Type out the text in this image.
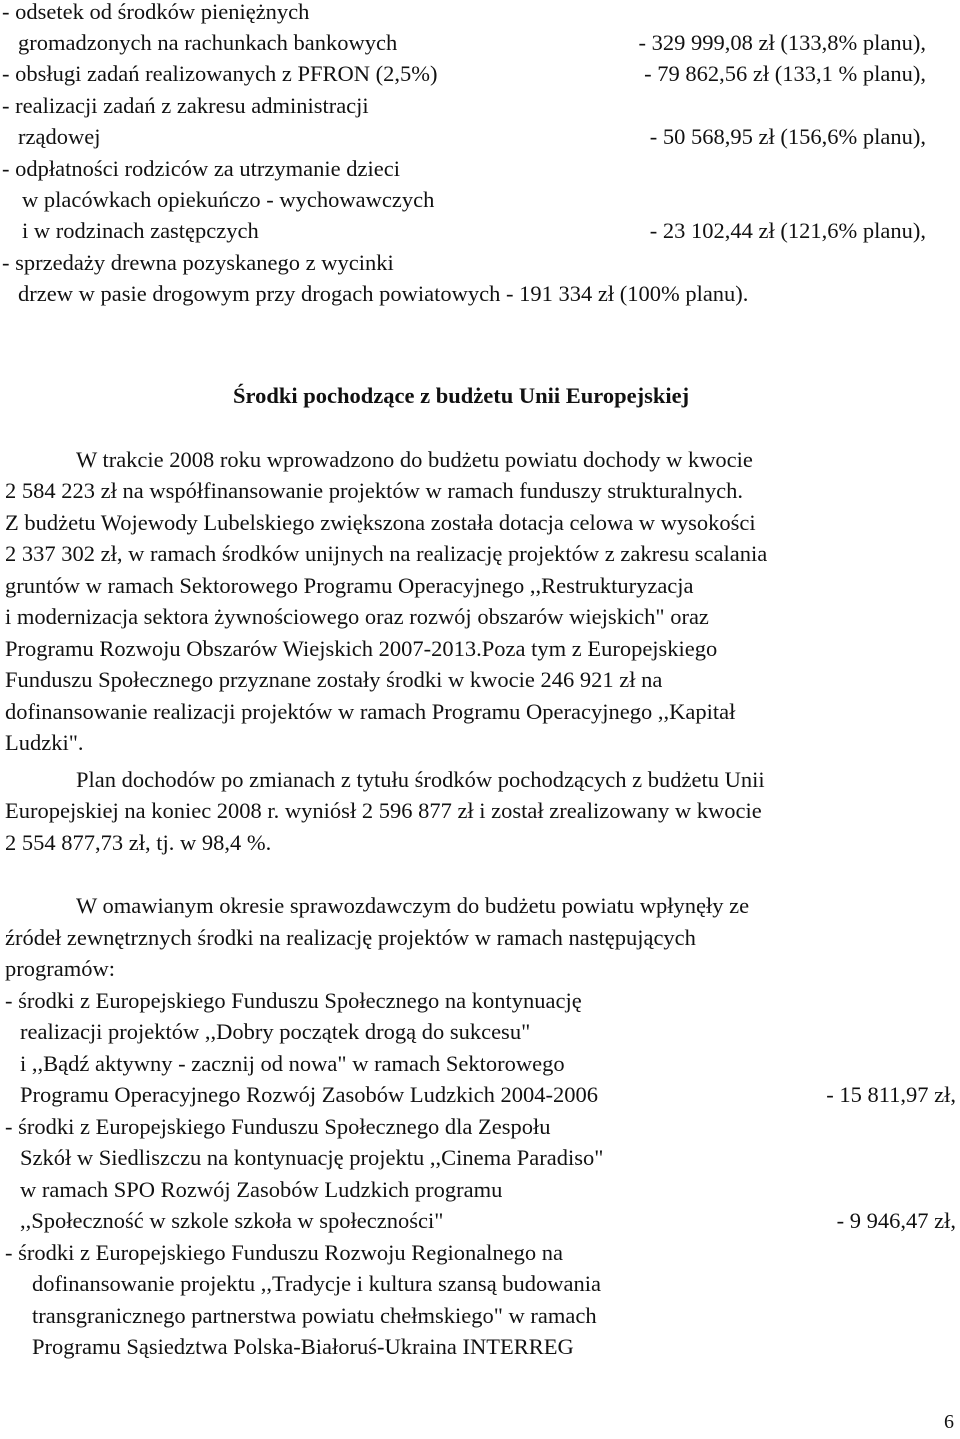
- odsetek od środków pieniężnych
gromadzonych na rachunkach bankowych	- 329 999,08 zł (133,8% planu),
- obsługi zadań realizowanych z PFRON (2,5%)	- 79 862,56 zł (133,1 % planu),
- realizacji zadań z zakresu administracji
rządowej	- 50 568,95 zł (156,6% planu),
- odpłatności rodziców za utrzymanie dzieci
w placówkach opiekuńczo - wychowawczych
i w rodzinach zastępczych	- 23 102,44 zł (121,6% planu),
- sprzedaży drewna pozyskanego z wycinki
drzew w pasie drogowym przy drogach powiatowych - 191 334 zł (100% planu).
Środki pochodzące z budżetu Unii Europejskiej
W trakcie 2008 roku wprowadzono do budżetu powiatu dochody w kwocie
2 584 223 zł na współfinansowanie projektów w ramach funduszy strukturalnych.
Z budżetu Wojewody Lubelskiego zwiększona została dotacja celowa w wysokości
2 337 302 zł, w ramach środków unijnych na realizację projektów z zakresu scalania
gruntów w ramach Sektorowego Programu Operacyjnego ,,Restrukturyzacja
i modernizacja sektora żywnościowego oraz rozwój obszarów wiejskich" oraz
Programu Rozwoju Obszarów Wiejskich 2007-2013.Poza tym z Europejskiego
Funduszu Społecznego przyznane zostały środki w kwocie 246 921 zł na
dofinansowanie realizacji projektów w ramach Programu Operacyjnego ,,Kapitał
Ludzki".
Plan dochodów po zmianach z tytułu środków pochodzących z budżetu Unii
Europejskiej na koniec 2008 r. wyniósł 2 596 877 zł i został zrealizowany w kwocie
2 554 877,73 zł, tj. w 98,4 %.
W omawianym okresie sprawozdawczym do budżetu powiatu wpłynęły ze
źródeł zewnętrznych środki na realizację projektów w ramach następujących
programów:
- środki z Europejskiego Funduszu Społecznego na kontynuację
realizacji projektów ,,Dobry początek drogą do sukcesu"
i ,,Bądź aktywny - zacznij od nowa" w ramach Sektorowego
Programu Operacyjnego Rozwój Zasobów Ludzkich 2004-2006	- 15 811,97 zł,
- środki z Europejskiego Funduszu Społecznego dla Zespołu
Szkół w Siedliszczu na kontynuację projektu ,,Cinema Paradiso"
w ramach SPO Rozwój Zasobów Ludzkich programu
,,Społeczność w szkole szkoła w społeczności"	- 9 946,47 zł,
- środki z Europejskiego Funduszu Rozwoju Regionalnego na
dofinansowanie projektu ,,Tradycje i kultura szansą budowania
transgranicznego partnerstwa powiatu chełmskiego" w ramach
Programu Sąsiedztwa Polska-Białoruś-Ukraina INTERREG
6
